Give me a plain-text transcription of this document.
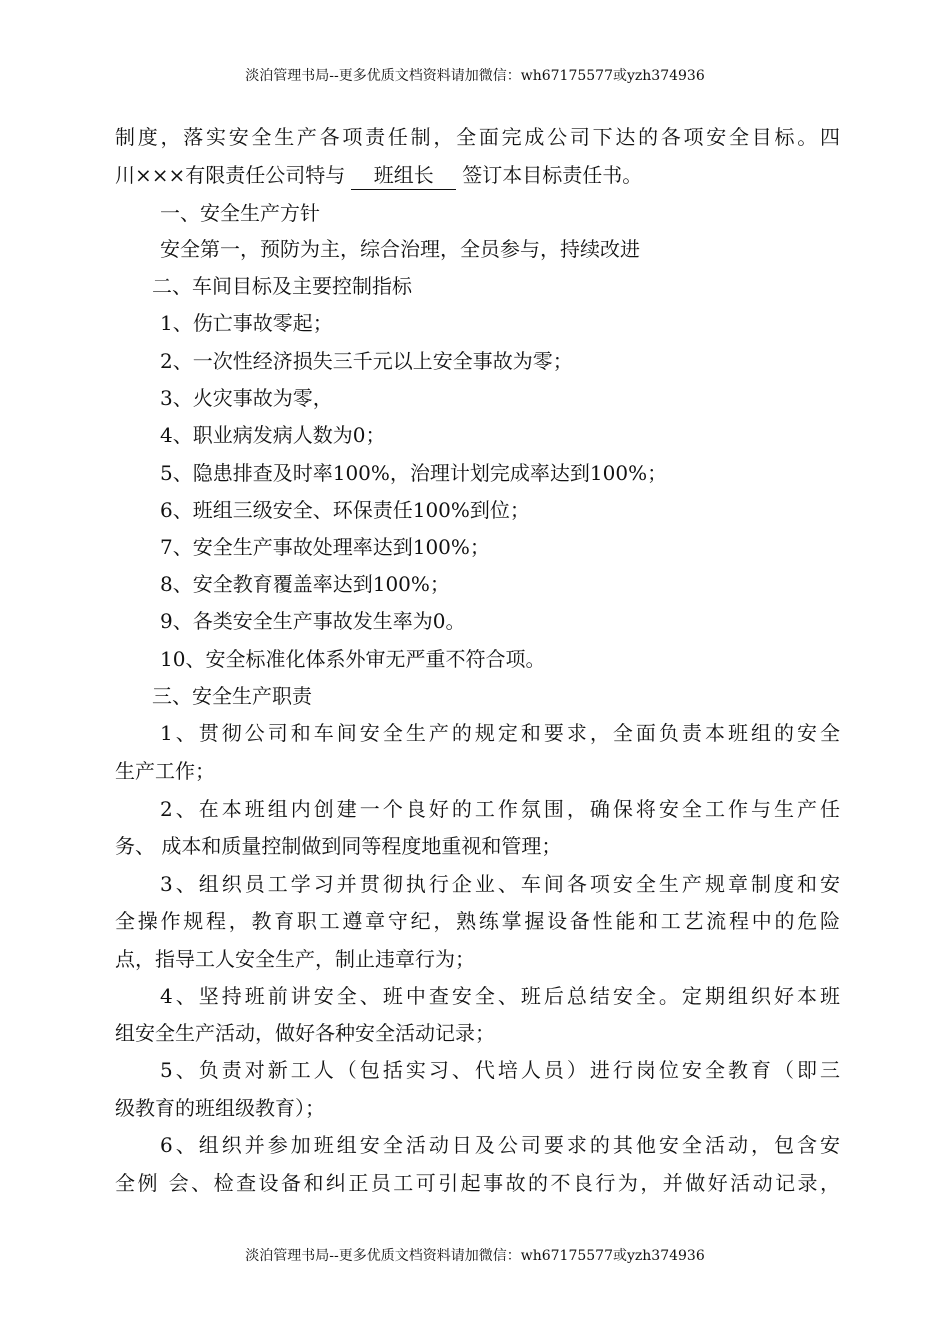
淡泊管理书局--更多优质文档资料请加微信：wh67175577或yzh374936
制度，落实安全生产各项责任制，全面完成公司下达的各项安全目标。四
川×××有限责任公司特与 班组长 签订本目标责任书。
一、安全生产方针
安全第一，预防为主，综合治理，全员参与，持续改进
二、车间目标及主要控制指标
1、伤亡事故零起；
2、一次性经济损失三千元以上安全事故为零；
3、火灾事故为零，
4、职业病发病人数为0；
5、隐患排查及时率100%，治理计划完成率达到100%；
6、班组三级安全、环保责任100%到位；
7、安全生产事故处理率达到100%；
8、安全教育覆盖率达到100%；
9、各类安全生产事故发生率为0。
10、安全标准化体系外审无严重不符合项。
三、安全生产职责
1、贯彻公司和车间安全生产的规定和要求，全面负责本班组的安全
生产工作；
2、在本班组内创建一个良好的工作氛围，确保将安全工作与生产任
务、 成本和质量控制做到同等程度地重视和管理；
3、组织员工学习并贯彻执行企业、车间各项安全生产规章制度和安
全操作规程，教育职工遵章守纪，熟练掌握设备性能和工艺流程中的危险
点，指导工人安全生产，制止违章行为；
4、坚持班前讲安全、班中查安全、班后总结安全。定期组织好本班
组安全生产活动，做好各种安全活动记录；
5、负责对新工人（包括实习、代培人员）进行岗位安全教育（即三
级教育的班组级教育）；
6、组织并参加班组安全活动日及公司要求的其他安全活动，包含安
全例 会、检查设备和纠正员工可引起事故的不良行为，并做好活动记录，
淡泊管理书局--更多优质文档资料请加微信：wh67175577或yzh374936
